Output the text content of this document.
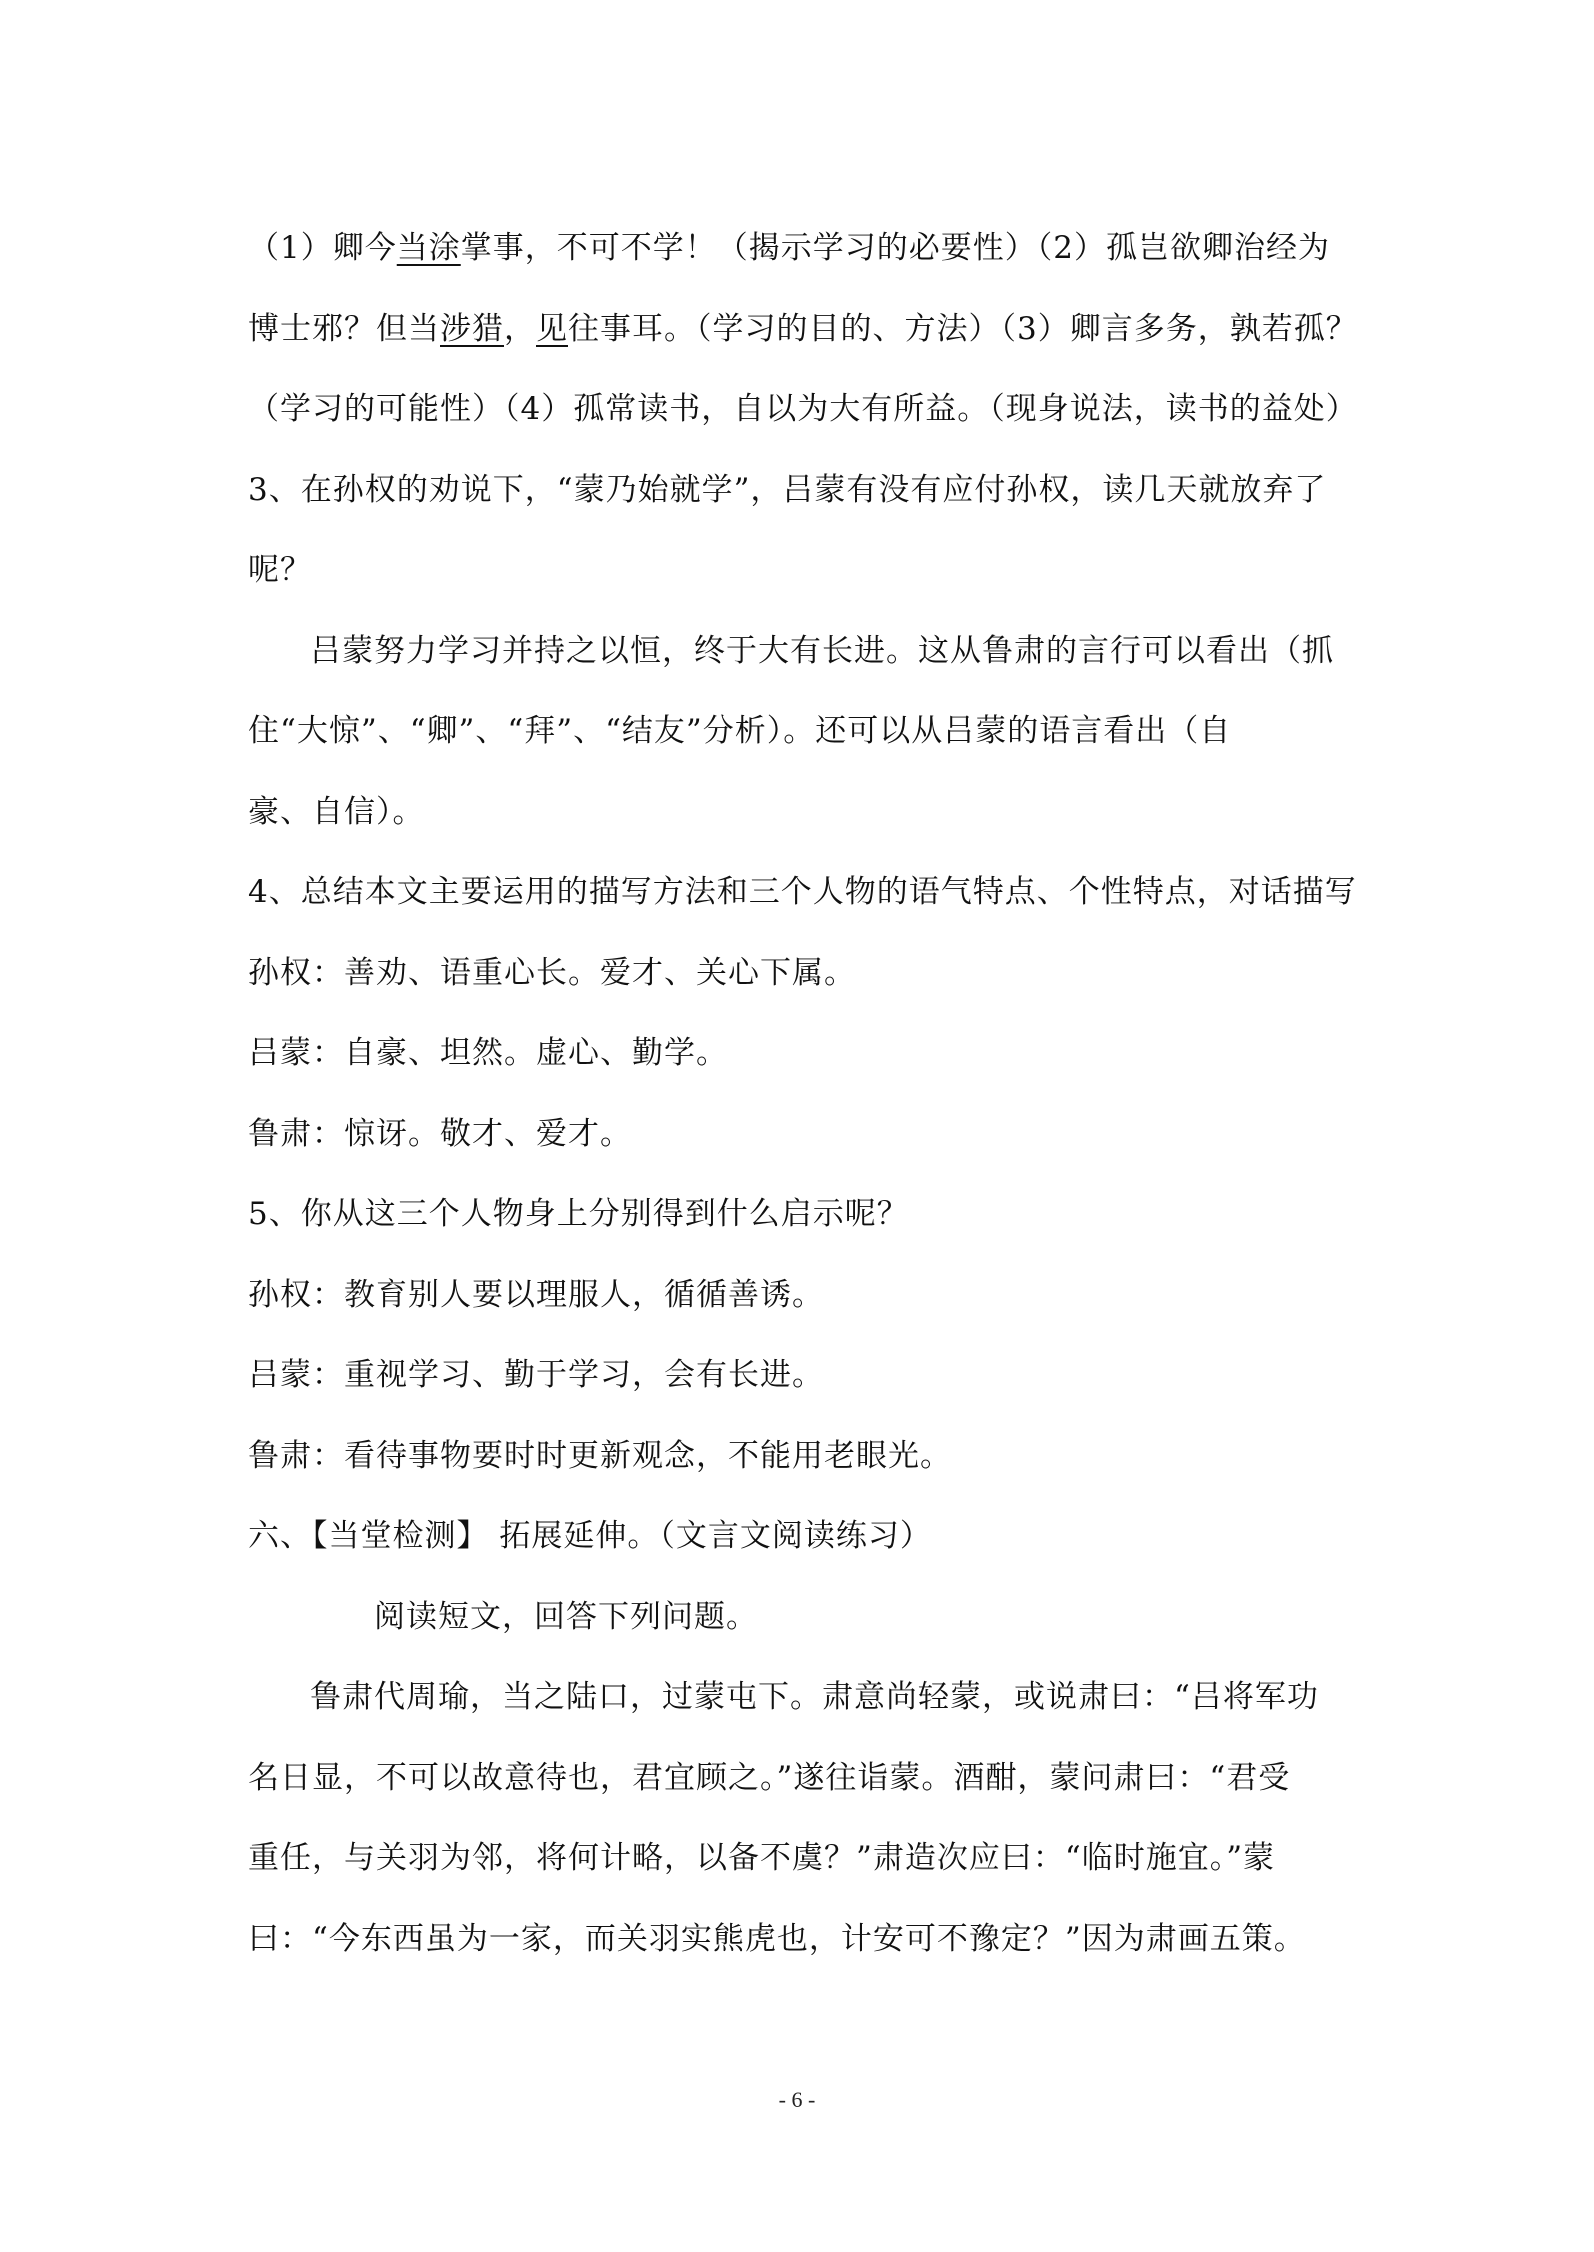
（1）卿今当涂掌事，不可不学！（揭示学习的必要性）（2）孤岂欲卿治经为
博士邪？但当涉猎，见往事耳。（学习的目的、方法）（3）卿言多务，孰若孤？
（学习的可能性）（4）孤常读书，自以为大有所益。（现身说法，读书的益处）
3、在孙权的劝说下，“蒙乃始就学”，吕蒙有没有应付孙权，读几天就放弃了
呢？
吕蒙努力学习并持之以恒，终于大有长进。这从鲁肃的言行可以看出（抓
住“大惊”、“卿”、“拜”、“结友”分析）。还可以从吕蒙的语言看出（自
豪、自信）。
4、总结本文主要运用的描写方法和三个人物的语气特点、个性特点，对话描写
孙权：善劝、语重心长。爱才、关心下属。
吕蒙：自豪、坦然。虚心、勤学。
鲁肃：惊讶。敬才、爱才。
5、你从这三个人物身上分别得到什么启示呢？
孙权：教育别人要以理服人，循循善诱。
吕蒙：重视学习、勤于学习，会有长进。
鲁肃：看待事物要时时更新观念，不能用老眼光。
六、【当堂检测】 拓展延伸。（文言文阅读练习）
阅读短文，回答下列问题。
鲁肃代周瑜，当之陆口，过蒙屯下。肃意尚轻蒙，或说肃曰：“吕将军功
名日显，不可以故意待也，君宜顾之。”遂往诣蒙。酒酣，蒙问肃曰：“君受
重任，与关羽为邻，将何计略，以备不虞？”肃造次应曰：“临时施宜。”蒙
曰：“今东西虽为一家，而关羽实熊虎也，计安可不豫定？”因为肃画五策。
- 6 -
